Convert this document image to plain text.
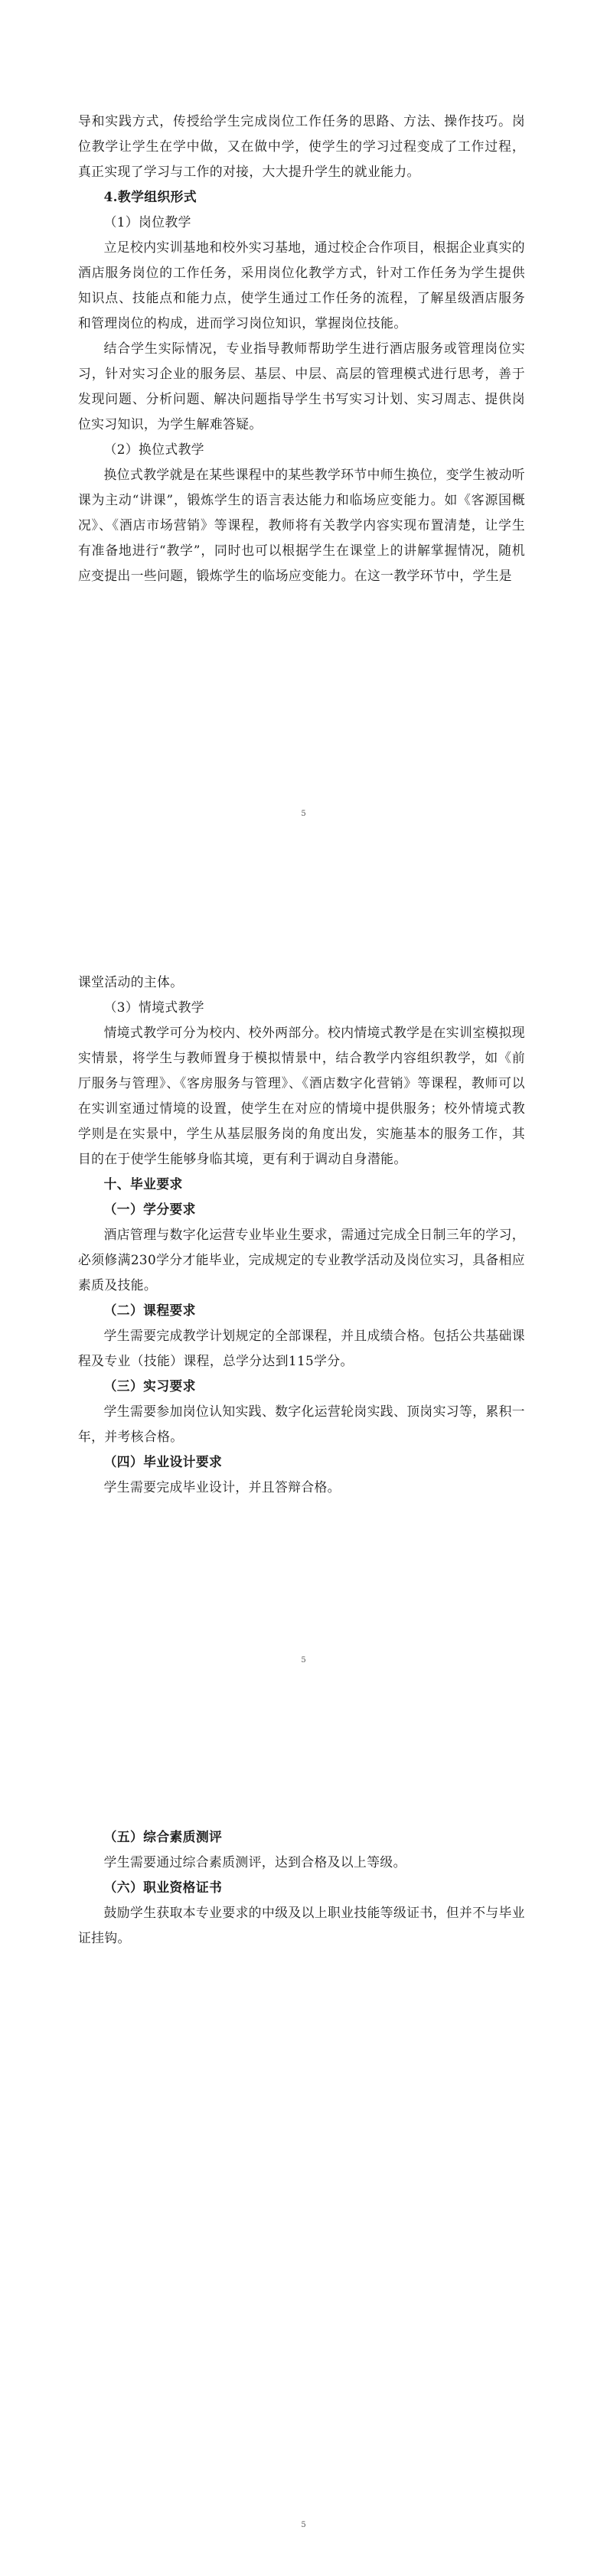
导和实践方式，传授给学生完成岗位工作任务的思路、方法、操作技巧。岗位教学让学生在学中做，又在做中学，使学生的学习过程变成了工作过程，真正实现了学习与工作的对接，大大提升学生的就业能力。

4.教学组织形式

（1）岗位教学

立足校内实训基地和校外实习基地，通过校企合作项目，根据企业真实的酒店服务岗位的工作任务，采用岗位化教学方式，针对工作任务为学生提供知识点、技能点和能力点，使学生通过工作任务的流程，了解星级酒店服务和管理岗位的构成，进而学习岗位知识，掌握岗位技能。

结合学生实际情况，专业指导教师帮助学生进行酒店服务或管理岗位实习，针对实习企业的服务层、基层、中层、高层的管理模式进行思考，善于发现问题、分析问题、解决问题指导学生书写实习计划、实习周志、提供岗位实习知识，为学生解难答疑。

（2）换位式教学

换位式教学就是在某些课程中的某些教学环节中师生换位，变学生被动听课为主动“讲课”，锻炼学生的语言表达能力和临场应变能力。如《客源国概况》、《酒店市场营销》等课程，教师将有关教学内容实现布置清楚，让学生有准备地进行“教学”，同时也可以根据学生在课堂上的讲解掌握情况，随机应变提出一些问题，锻炼学生的临场应变能力。在这一教学环节中，学生是

5

课堂活动的主体。

（3）情境式教学

情境式教学可分为校内、校外两部分。校内情境式教学是在实训室模拟现实情景，将学生与教师置身于模拟情景中，结合教学内容组织教学，如《前厅服务与管理》、《客房服务与管理》、《酒店数字化营销》等课程，教师可以在实训室通过情境的设置，使学生在对应的情境中提供服务；校外情境式教学则是在实景中，学生从基层服务岗的角度出发，实施基本的服务工作，其目的在于使学生能够身临其境，更有利于调动自身潜能。

十、毕业要求

（一）学分要求

酒店管理与数字化运营专业毕业生要求，需通过完成全日制三年的学习，必须修满230学分才能毕业，完成规定的专业教学活动及岗位实习，具备相应素质及技能。

（二）课程要求

学生需要完成教学计划规定的全部课程，并且成绩合格。包括公共基础课程及专业（技能）课程，总学分达到115学分。

（三）实习要求

学生需要参加岗位认知实践、数字化运营轮岗实践、顶岗实习等，累积一年，并考核合格。

（四）毕业设计要求

学生需要完成毕业设计，并且答辩合格。

5

（五）综合素质测评

学生需要通过综合素质测评，达到合格及以上等级。

（六）职业资格证书

鼓励学生获取本专业要求的中级及以上职业技能等级证书，但并不与毕业证挂钩。

5
